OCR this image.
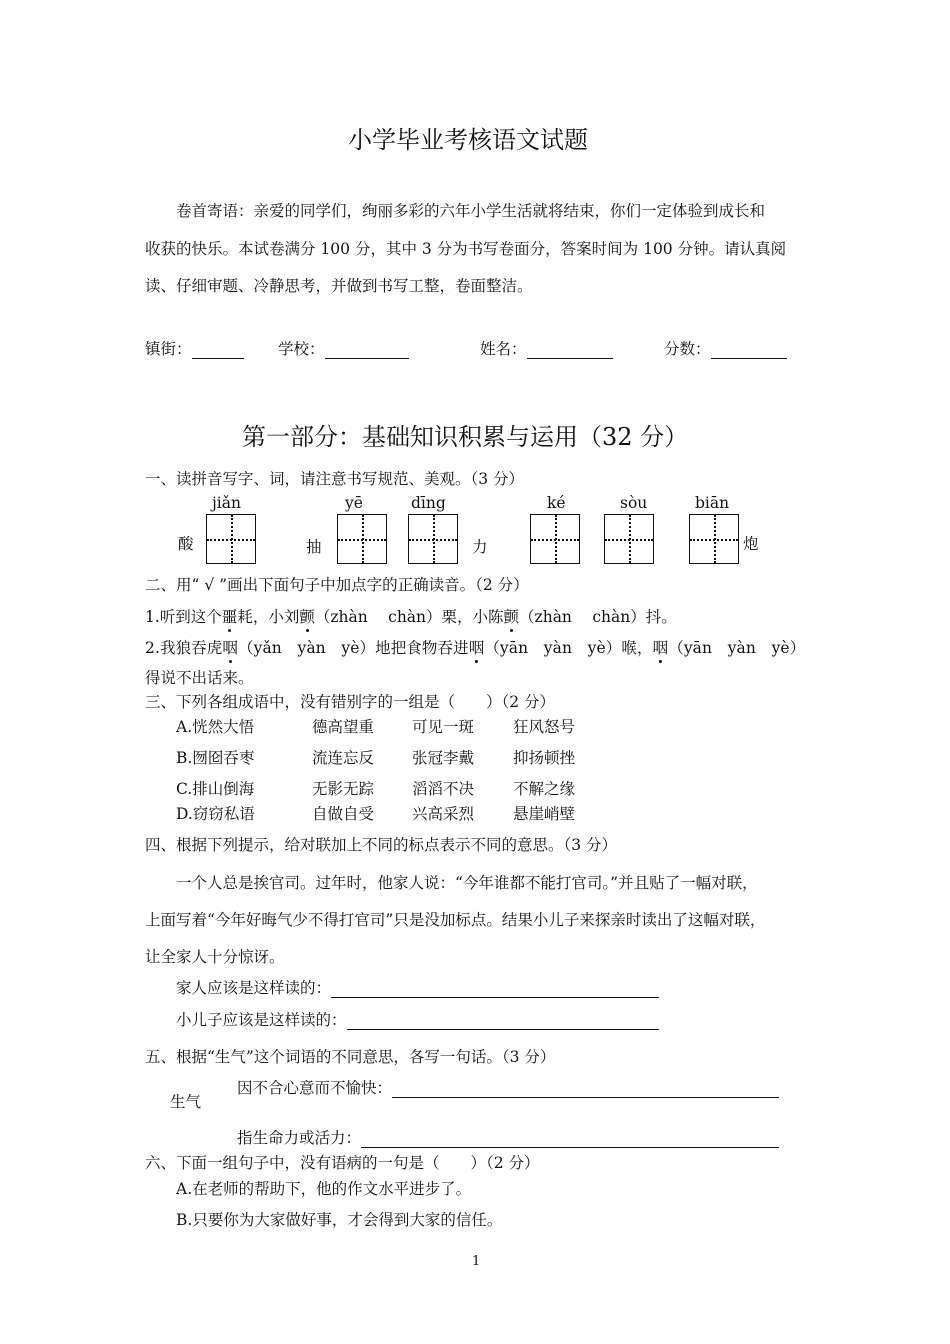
小学毕业考核语文试题
卷首寄语：亲爱的同学们，绚丽多彩的六年小学生活就将结束，你们一定体验到成长和
收获的快乐。本试卷满分 100 分，其中 3 分为书写卷面分，答案时间为 100 分钟。请认真阅
读、仔细审题、冷静思考，并做到书写工整，卷面整洁。
镇街：	学校：	姓名：	分数：
第一部分：基础知识积累与运用（32 分）
一、读拼音写字、词，请注意书写规范、美观。（3 分）
jiǎn	yē	dīng	ké	sòu	biān
酸	抽	力	炮
二、用“ √ ”画出下面句子中加点字的正确读音。（2 分）
1.听到这个噩耗，小刘颤（zhàn　 chàn）栗，小陈颤（zhàn　 chàn）抖。
2.我狼吞虎咽（yǎn　yàn　yè）地把食物吞进咽（yān　yàn　yè）喉，咽（yān　yàn　yè）
得说不出话来。
三、下列各组成语中，没有错别字的一组是（　　）（2 分）
A.恍然大悟	德高望重 可见一斑	狂风怒号
B.囫囵吞枣	流连忘反 张冠李戴	抑扬顿挫
C.排山倒海	无影无踪 滔滔不决	不解之缘
D.窃窃私语	自做自受 兴高采烈	悬崖峭壁
四、根据下列提示，给对联加上不同的标点表示不同的意思。（3 分）
一个人总是挨官司。过年时，他家人说：“今年谁都不能打官司。”并且贴了一幅对联，
上面写着“今年好晦气少不得打官司”只是没加标点。结果小儿子来探亲时读出了这幅对联，
让全家人十分惊讶。
家人应该是这样读的：
小儿子应该是这样读的：
五、根据“生气”这个词语的不同意思，各写一句话。（3 分）
生气
因不合心意而不愉快：
指生命力或活力：
六、下面一组句子中，没有语病的一句是（　　）（2 分）
A.在老师的帮助下，他的作文水平进步了。
B.只要你为大家做好事，才会得到大家的信任。
1
